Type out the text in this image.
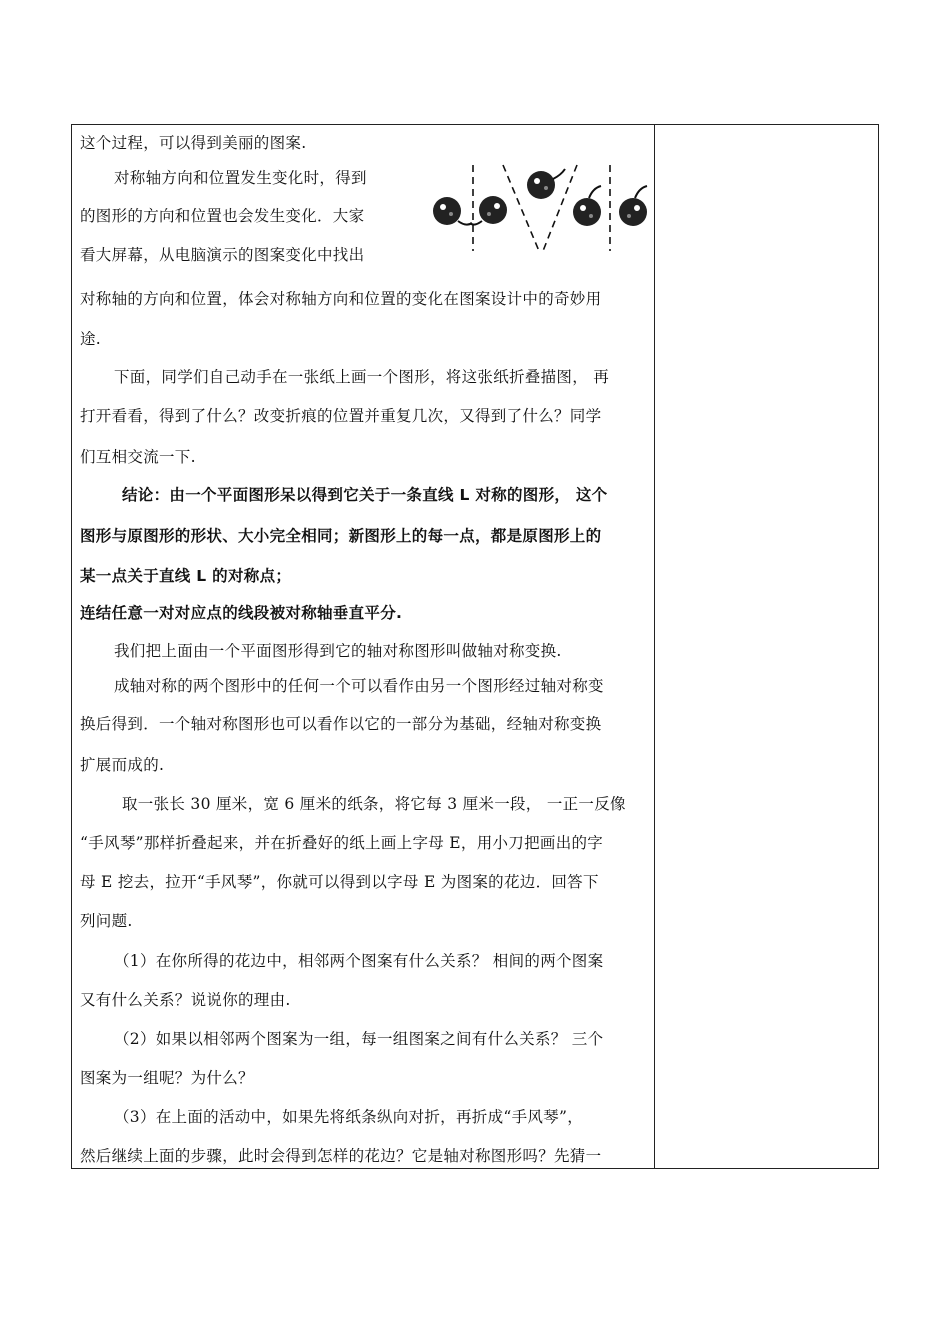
这个过程，可以得到美丽的图案.
对称轴方向和位置发生变化时，得到
的图形的方向和位置也会发生变化．大家
看大屏幕，从电脑演示的图案变化中找出
对称轴的方向和位置，体会对称轴方向和位置的变化在图案设计中的奇妙用
途.
下面，同学们自己动手在一张纸上画一个图形，将这张纸折叠描图， 再
打开看看，得到了什么？改变折痕的位置并重复几次，又得到了什么？同学
们互相交流一下.
结论：由一个平面图形呆以得到它关于一条直线 L 对称的图形， 这个
图形与原图形的形状、大小完全相同；新图形上的每一点，都是原图形上的
某一点关于直线 L 的对称点；
连结任意一对对应点的线段被对称轴垂直平分.
我们把上面由一个平面图形得到它的轴对称图形叫做轴对称变换.
成轴对称的两个图形中的任何一个可以看作由另一个图形经过轴对称变
换后得到．一个轴对称图形也可以看作以它的一部分为基础，经轴对称变换
扩展而成的.
取一张长 30 厘米，宽 6 厘米的纸条，将它每 3 厘米一段， 一正一反像
“手风琴”那样折叠起来，并在折叠好的纸上画上字母 E，用小刀把画出的字
母 E 挖去，拉开“手风琴”，你就可以得到以字母 E 为图案的花边．回答下
列问题.
（1）在你所得的花边中，相邻两个图案有什么关系？ 相间的两个图案
又有什么关系？说说你的理由.
（2）如果以相邻两个图案为一组，每一组图案之间有什么关系？ 三个
图案为一组呢？为什么？
（3）在上面的活动中，如果先将纸条纵向对折，再折成“手风琴”，
然后继续上面的步骤，此时会得到怎样的花边？它是轴对称图形吗？先猜一
